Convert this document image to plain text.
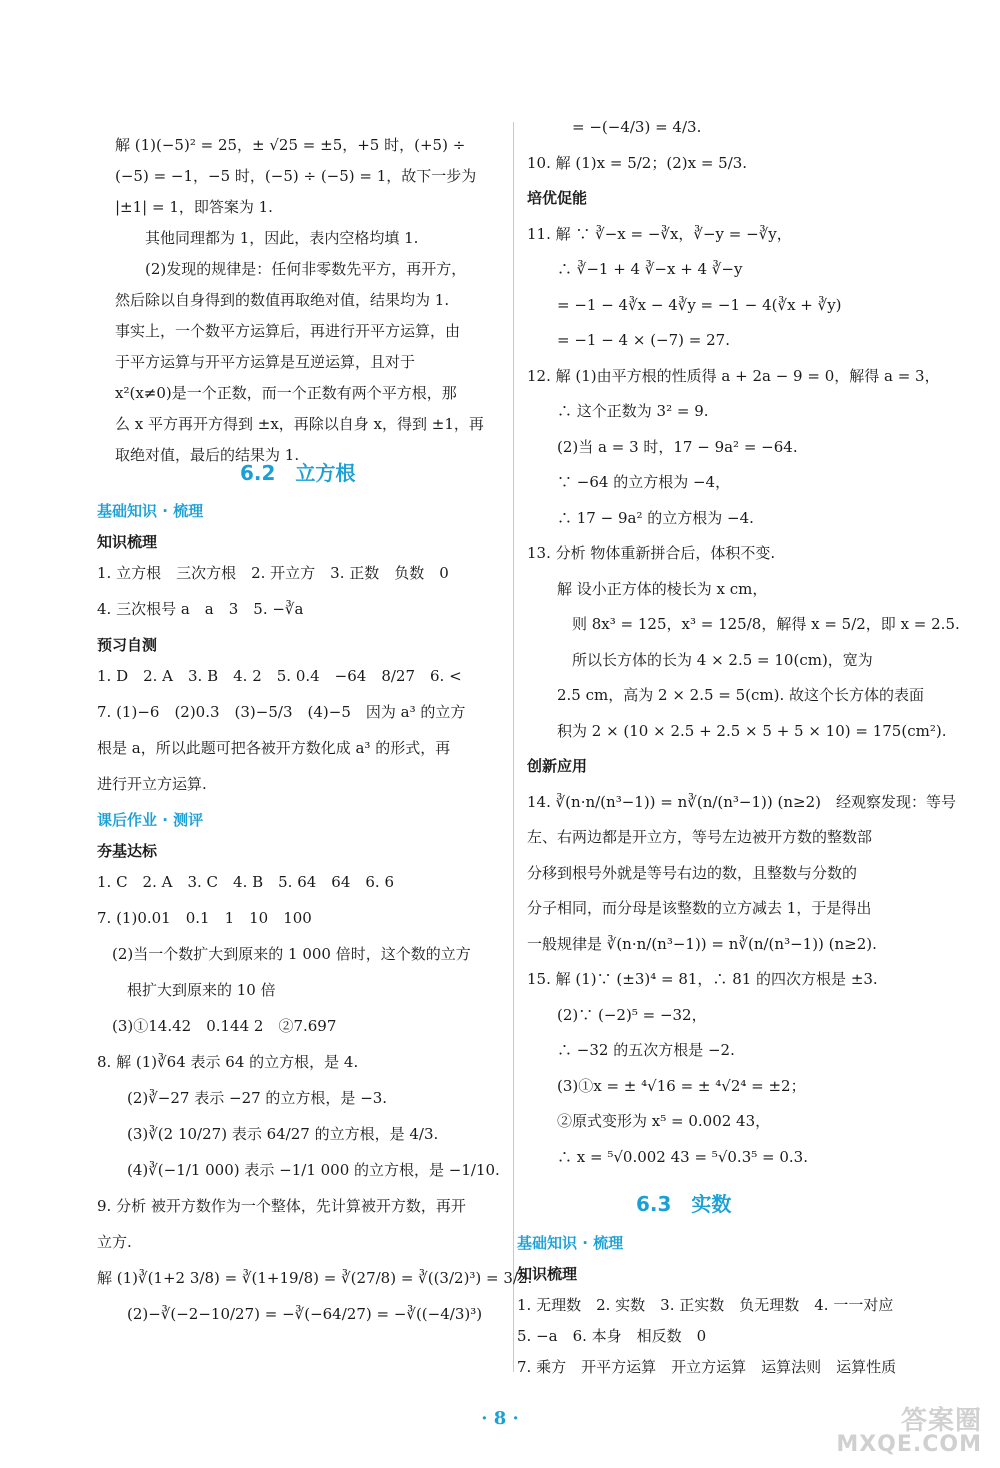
解 (1)(−5)² = 25，± √25 = ±5，+5 时，(+5) ÷
(−5) = −1，−5 时，(−5) ÷ (−5) = 1，故下一步为
|±1| = 1，即答案为 1.
其他同理都为 1，因此，表内空格均填 1.
(2)发现的规律是：任何非零数先平方，再开方，
然后除以自身得到的数值再取绝对值，结果均为 1.
事实上，一个数平方运算后，再进行开平方运算，由
于平方运算与开平方运算是互逆运算，且对于
x²(x≠0)是一个正数，而一个正数有两个平方根，那
么 x 平方再开方得到 ±x，再除以自身 x，得到 ±1，再
取绝对值，最后的结果为 1.
6.2　立方根
基础知识 · 梳理
知识梳理
1. 立方根　三次方根　2. 开立方　3. 正数　负数　0
4. 三次根号 a　a　3　5. −∛a
预习自测
1. D　2. A　3. B　4. 2　5. 0.4　−64　8/27　6. <
7. (1)−6　(2)0.3　(3)−5/3　(4)−5　因为 a³ 的立方
根是 a，所以此题可把各被开方数化成 a³ 的形式，再
进行开立方运算.
课后作业 · 测评
夯基达标
1. C　2. A　3. C　4. B　5. 64　64　6. 6
7. (1)0.01　0.1　1　10　100
　(2)当一个数扩大到原来的 1 000 倍时，这个数的立方
　　根扩大到原来的 10 倍
　(3)①14.42　0.144 2　②7.697
8. 解 (1)∛64 表示 64 的立方根，是 4.
　　(2)∛−27 表示 −27 的立方根，是 −3.
　　(3)∛(2 10/27) 表示 64/27 的立方根，是 4/3.
　　(4)∛(−1/1 000) 表示 −1/1 000 的立方根，是 −1/10.
9. 分析 被开方数作为一个整体，先计算被开方数，再开
立方.
解 (1)∛(1+2 3/8) = ∛(1+19/8) = ∛(27/8) = ∛((3/2)³) = 3/2.
　　(2)−∛(−2−10/27) = −∛(−64/27) = −∛((−4/3)³)
　　　= −(−4/3) = 4/3.
10. 解 (1)x = 5/2；(2)x = 5/3.
培优促能
11. 解 ∵ ∛−x = −∛x，∛−y = −∛y，
　　∴ ∛−1 + 4 ∛−x + 4 ∛−y
　　= −1 − 4∛x − 4∛y = −1 − 4(∛x + ∛y)
　　= −1 − 4 × (−7) = 27.
12. 解 (1)由平方根的性质得 a + 2a − 9 = 0，解得 a = 3，
　　∴ 这个正数为 3² = 9.
　　(2)当 a = 3 时，17 − 9a² = −64.
　　∵ −64 的立方根为 −4，
　　∴ 17 − 9a² 的立方根为 −4.
13. 分析 物体重新拼合后，体积不变.
　　解 设小正方体的棱长为 x cm，
　　　则 8x³ = 125，x³ = 125/8，解得 x = 5/2，即 x = 2.5.
　　　所以长方体的长为 4 × 2.5 = 10(cm)，宽为
　　2.5 cm，高为 2 × 2.5 = 5(cm). 故这个长方体的表面
　　积为 2 × (10 × 2.5 + 2.5 × 5 + 5 × 10) = 175(cm²).
创新应用
14. ∛(n·n/(n³−1)) = n∛(n/(n³−1)) (n≥2)　经观察发现：等号
左、右两边都是开立方，等号左边被开方数的整数部
分移到根号外就是等号右边的数，且整数与分数的
分子相同，而分母是该整数的立方减去 1，于是得出
一般规律是 ∛(n·n/(n³−1)) = n∛(n/(n³−1)) (n≥2).
15. 解 (1)∵ (±3)⁴ = 81，∴ 81 的四次方根是 ±3.
　　(2)∵ (−2)⁵ = −32，
　　∴ −32 的五次方根是 −2.
　　(3)①x = ± ⁴√16 = ± ⁴√2⁴ = ±2；
　　②原式变形为 x⁵ = 0.002 43，
　　∴ x = ⁵√0.002 43 = ⁵√0.3⁵ = 0.3.
6.3　实数
基础知识 · 梳理
知识梳理
1. 无理数　2. 实数　3. 正实数　负无理数　4. 一一对应
5. −a　6. 本身　相反数　0
7. 乘方　开平方运算　开立方运算　运算法则　运算性质
· 8 ·	答案圈
MXQE.COM
